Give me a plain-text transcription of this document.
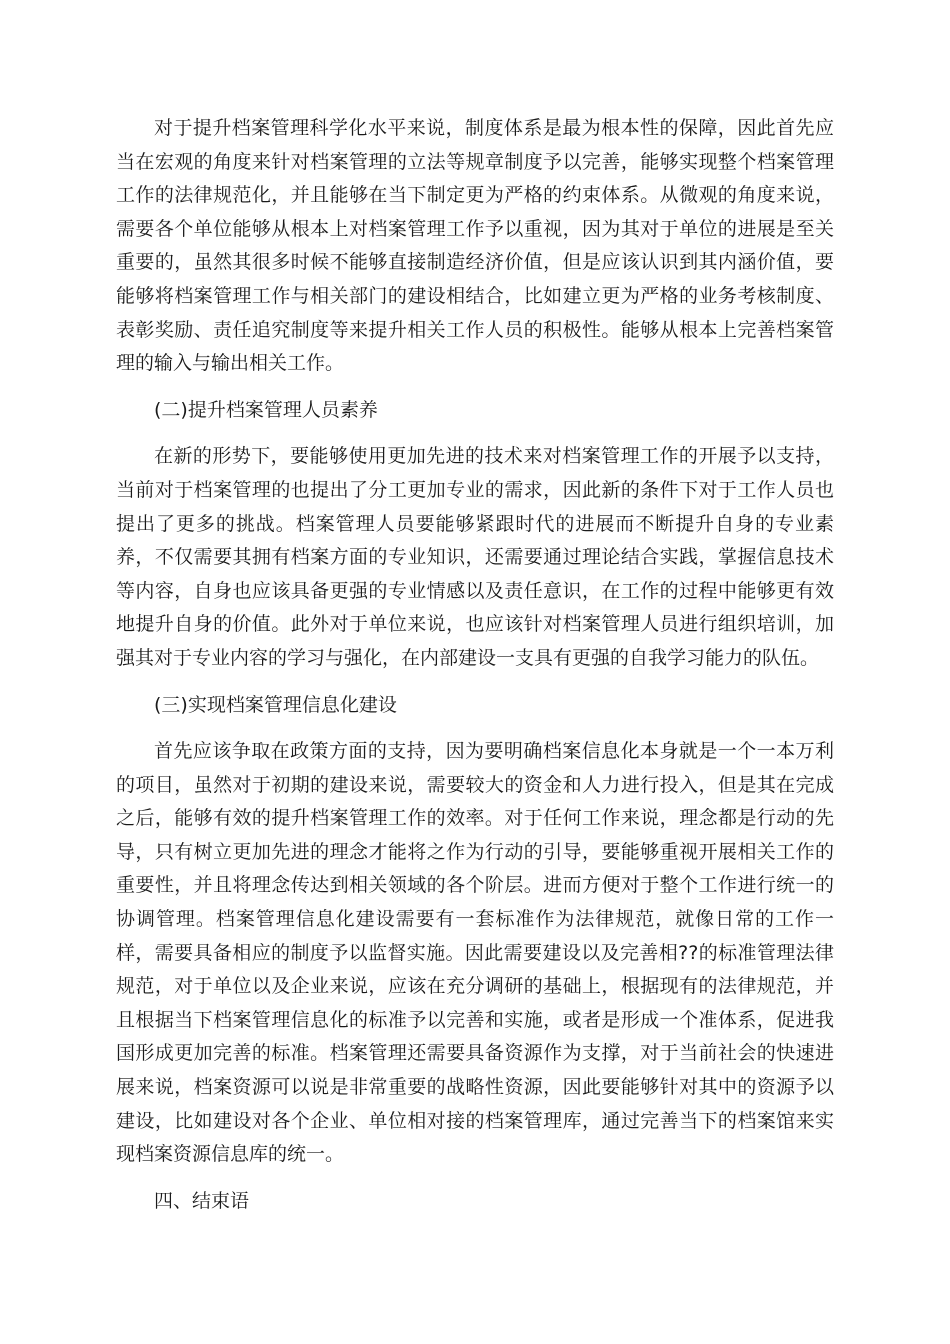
对于提升档案管理科学化水平来说，制度体系是最为根本性的保障，因此首先应当在宏观的角度来针对档案管理的立法等规章制度予以完善，能够实现整个档案管理工作的法律规范化，并且能够在当下制定更为严格的约束体系。从微观的角度来说，需要各个单位能够从根本上对档案管理工作予以重视，因为其对于单位的进展是至关重要的，虽然其很多时候不能够直接制造经济价值，但是应该认识到其内涵价值，要能够将档案管理工作与相关部门的建设相结合，比如建立更为严格的业务考核制度、表彰奖励、责任追究制度等来提升相关工作人员的积极性。能够从根本上完善档案管理的输入与输出相关工作。

(二)提升档案管理人员素养

在新的形势下，要能够使用更加先进的技术来对档案管理工作的开展予以支持，当前对于档案管理的也提出了分工更加专业的需求，因此新的条件下对于工作人员也提出了更多的挑战。档案管理人员要能够紧跟时代的进展而不断提升自身的专业素养，不仅需要其拥有档案方面的专业知识，还需要通过理论结合实践，掌握信息技术等内容，自身也应该具备更强的专业情感以及责任意识，在工作的过程中能够更有效地提升自身的价值。此外对于单位来说，也应该针对档案管理人员进行组织培训，加强其对于专业内容的学习与强化，在内部建设一支具有更强的自我学习能力的队伍。

(三)实现档案管理信息化建设

首先应该争取在政策方面的支持，因为要明确档案信息化本身就是一个一本万利的项目，虽然对于初期的建设来说，需要较大的资金和人力进行投入，但是其在完成之后，能够有效的提升档案管理工作的效率。对于任何工作来说，理念都是行动的先导，只有树立更加先进的理念才能将之作为行动的引导，要能够重视开展相关工作的重要性，并且将理念传达到相关领域的各个阶层。进而方便对于整个工作进行统一的协调管理。档案管理信息化建设需要有一套标准作为法律规范，就像日常的工作一样，需要具备相应的制度予以监督实施。因此需要建设以及完善相??的标准管理法律规范，对于单位以及企业来说，应该在充分调研的基础上，根据现有的法律规范，并且根据当下档案管理信息化的标准予以完善和实施，或者是形成一个准体系，促进我国形成更加完善的标准。档案管理还需要具备资源作为支撑，对于当前社会的快速进展来说，档案资源可以说是非常重要的战略性资源，因此要能够针对其中的资源予以建设，比如建设对各个企业、单位相对接的档案管理库，通过完善当下的档案馆来实现档案资源信息库的统一。

四、结束语
